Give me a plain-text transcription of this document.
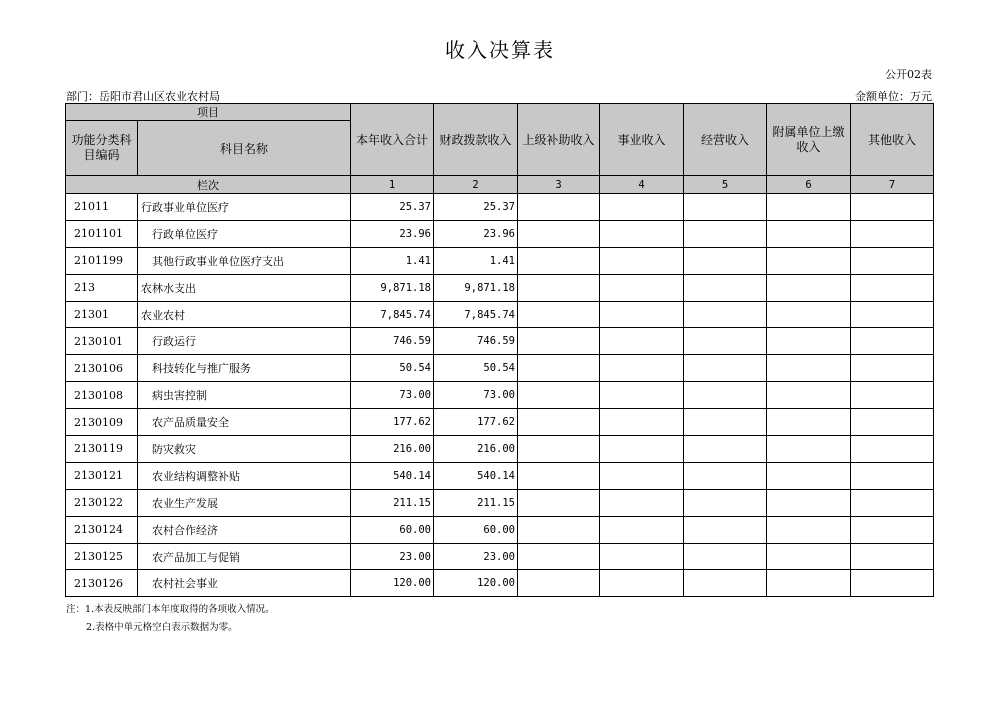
收入决算表
公开02表
部门：岳阳市君山区农业农村局	金额单位：万元
项目		本年收入合计	财政拨款收入	上级补助收入	事业收入	经营收入	附属单位上缴收入	其他收入
功能分类科目编码	科目名称							
栏次		1	2	3	4	5	6	7
21011	行政事业单位医疗	25.37	25.37					
2101101	行政单位医疗	23.96	23.96					
2101199	其他行政事业单位医疗支出	1.41	1.41					
213	农林水支出	9,871.18	9,871.18					
21301	农业农村	7,845.74	7,845.74					
2130101	行政运行	746.59	746.59					
2130106	科技转化与推广服务	50.54	50.54					
2130108	病虫害控制	73.00	73.00					
2130109	农产品质量安全	177.62	177.62					
2130119	防灾救灾	216.00	216.00					
2130121	农业结构调整补贴	540.14	540.14					
2130122	农业生产发展	211.15	211.15					
2130124	农村合作经济	60.00	60.00					
2130125	农产品加工与促销	23.00	23.00					
2130126	农村社会事业	120.00	120.00					
注：1.本表反映部门本年度取得的各项收入情况。
2.表格中单元格空白表示数据为零。
